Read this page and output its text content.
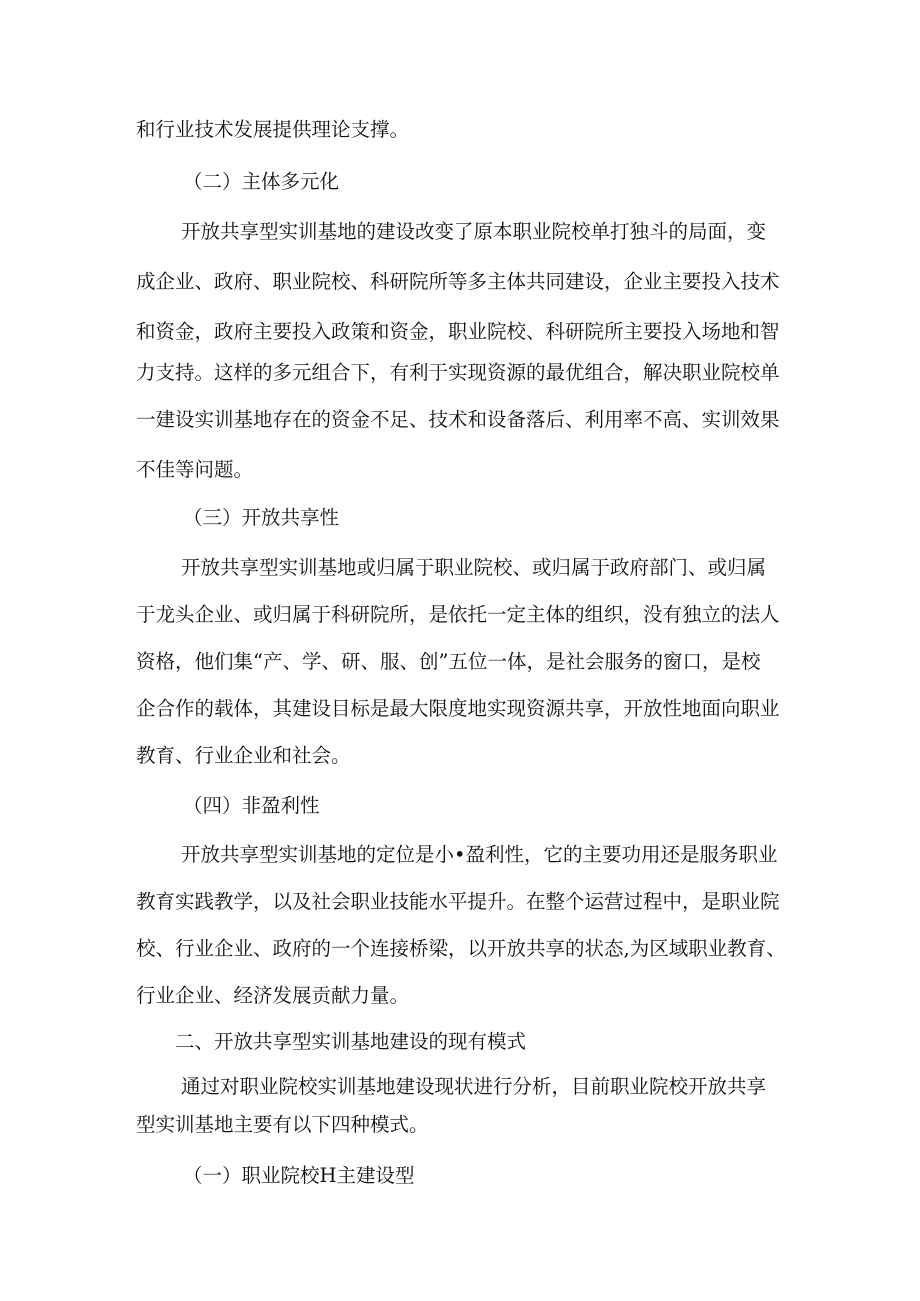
和行业技术发展提供理论支撑。

（二）主体多元化

开放共享型实训基地的建设改变了原本职业院校单打独斗的局面，变

成企业、政府、职业院校、科研院所等多主体共同建设，企业主要投入技术

和资金，政府主要投入政策和资金，职业院校、科研院所主要投入场地和智

力支持。这样的多元组合下，有利于实现资源的最优组合，解决职业院校单

一建设实训基地存在的资金不足、技术和设备落后、利用率不高、实训效果

不佳等问题。

（三）开放共享性

开放共享型实训基地或归属于职业院校、或归属于政府部门、或归属

于龙头企业、或归属于科研院所，是依托一定主体的组织，没有独立的法人

资格，他们集“产、学、研、服、创”五位一体，是社会服务的窗口，是校

企合作的载体，其建设目标是最大限度地实现资源共享，开放性地面向职业

教育、行业企业和社会。

（四）非盈利性

开放共享型实训基地的定位是小•盈利性，它的主要功用还是服务职业

教育实践教学，以及社会职业技能水平提升。在整个运营过程中，是职业院

校、行业企业、政府的一个连接桥梁，以开放共享的状态,为区域职业教育、

行业企业、经济发展贡献力量。

二、开放共享型实训基地建设的现有模式

通过对职业院校实训基地建设现状进行分析，目前职业院校开放共享

型实训基地主要有以下四种模式。

（一）职业院校H主建设型
